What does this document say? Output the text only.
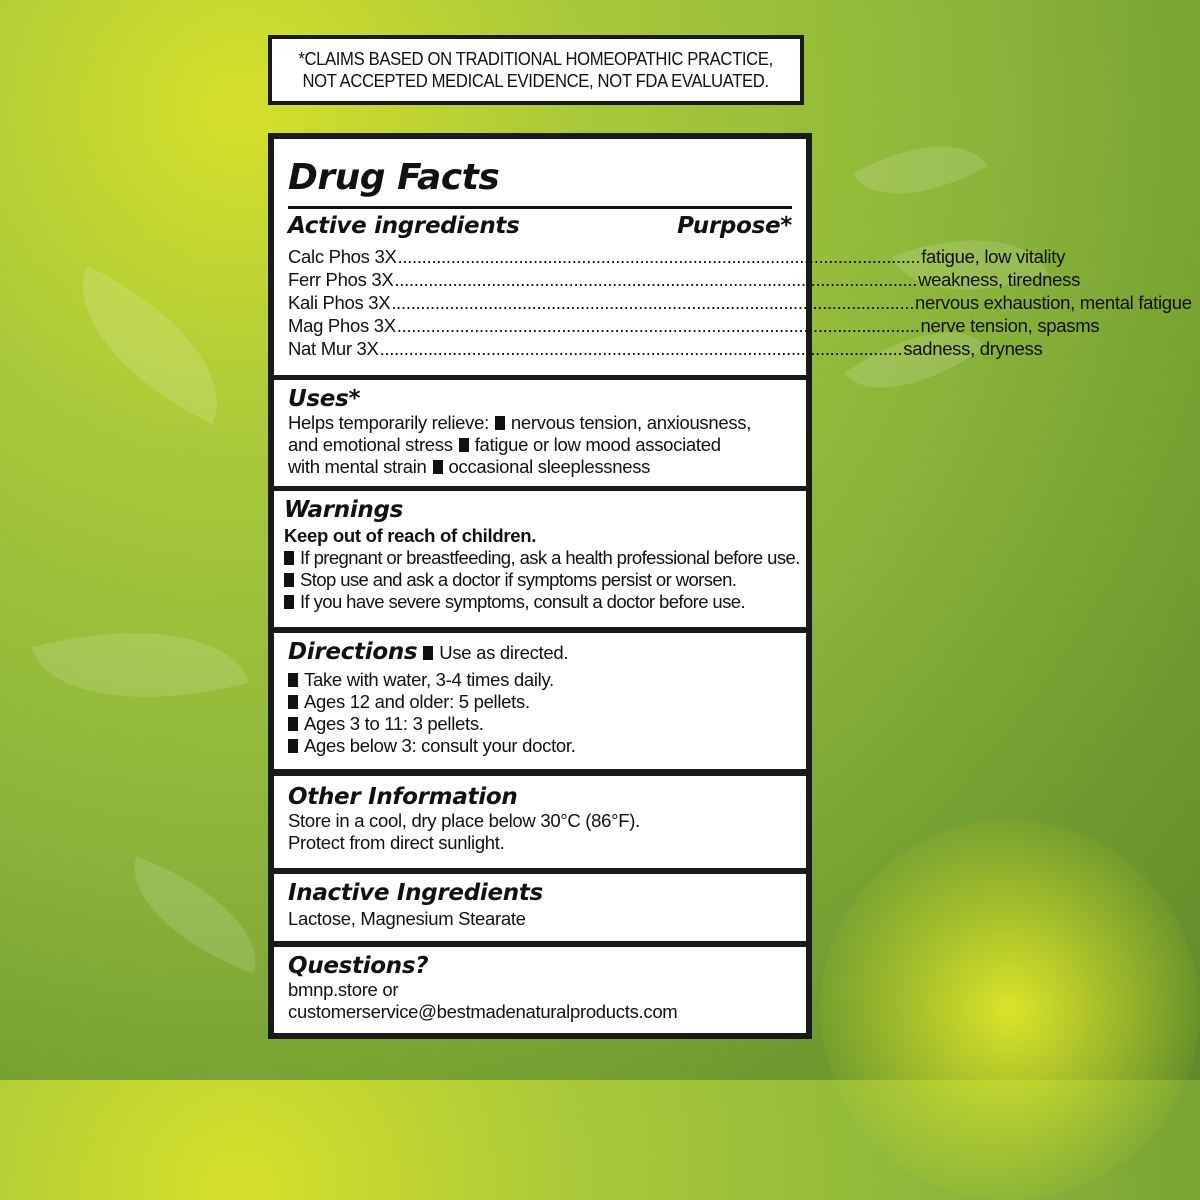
*CLAIMS BASED ON TRADITIONAL HOMEOPATHIC PRACTICE,
NOT ACCEPTED MEDICAL EVIDENCE, NOT FDA EVALUATED.
Drug Facts
Active ingredients	Purpose*
Calc Phos 3X ............................................................................................................ fatigue, low vitality
Ferr Phos 3X ............................................................................................................ weakness, tiredness
Kali Phos 3X ............................................................................................................ nervous exhaustion, mental fatigue
Mag Phos 3X ............................................................................................................ nerve tension, spasms
Nat Mur 3X ............................................................................................................ sadness, dryness
Uses*
Helps temporarily relieve: nervous tension, anxiousness,
and emotional stress fatigue or low mood associated
with mental strain occasional sleeplessness
Warnings
Keep out of reach of children.
If pregnant or breastfeeding, ask a health professional before use.
Stop use and ask a doctor if symptoms persist or worsen.
If you have severe symptoms, consult a doctor before use.
Directions Use as directed.
Take with water, 3-4 times daily.
Ages 12 and older: 5 pellets.
Ages 3 to 11: 3 pellets.
Ages below 3: consult your doctor.
Other Information
Store in a cool, dry place below 30°C (86°F).
Protect from direct sunlight.
Inactive Ingredients
Lactose, Magnesium Stearate
Questions?
bmnp.store or
customerservice@bestmadenaturalproducts.com
